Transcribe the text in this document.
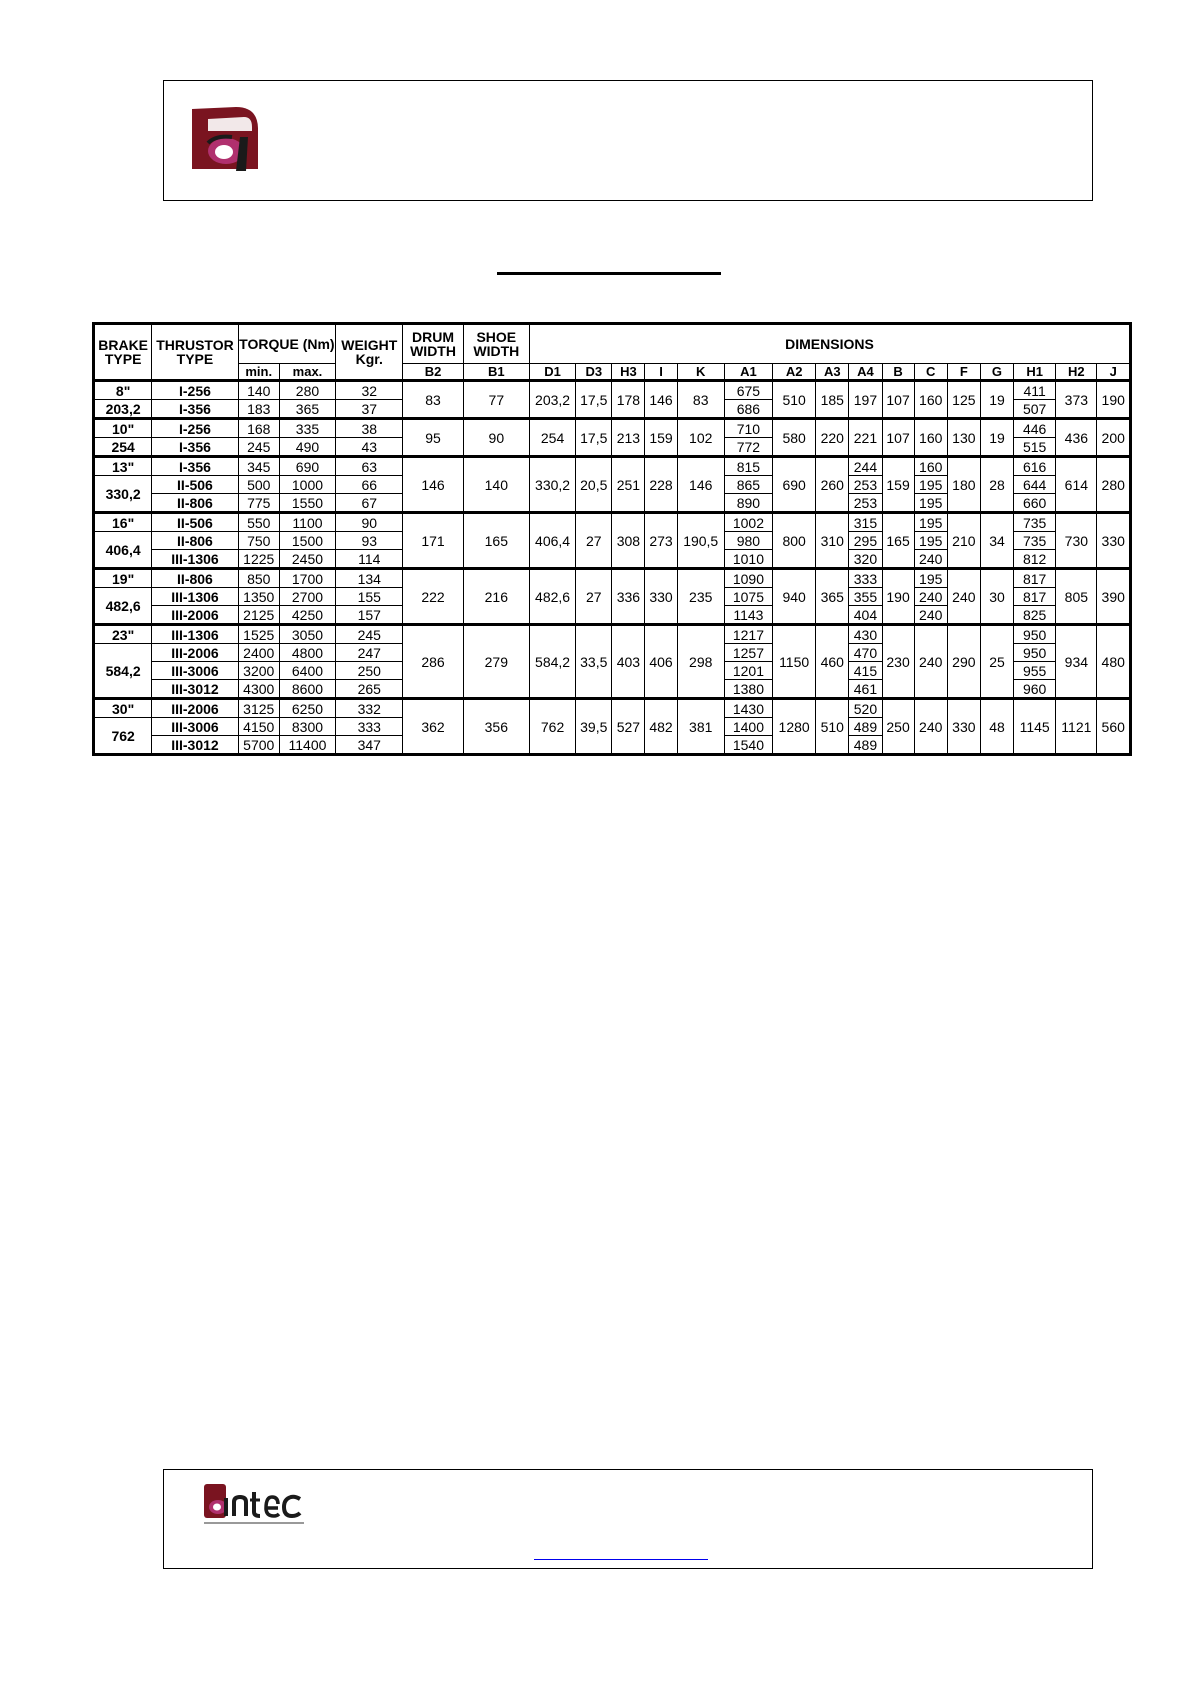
BRAKE TYPE	THRUSTOR TYPE	TORQUE (Nm)		WEIGHT Kgr.	DRUM WIDTH	SHOE WIDTH	DIMENSIONS															
		min.	max.		B2	B1	D1	D3	H3	I	K	A1	A2	A3	A4	B	C	F	G	H1	H2	J
8"	I-256	140	280	32	83	77	203,2	17,5	178	146	83	675	510	185	197	107	160	125	19	411	373	190
203,2	I-356	183	365	37								686								507		
10"	I-256	168	335	38	95	90	254	17,5	213	159	102	710	580	220	221	107	160	130	19	446	436	200
254	I-356	245	490	43								772								515		
13"	I-356	345	690	63	146	140	330,2	20,5	251	228	146	815	690	260	244	159	160	180	28	616	614	280
330,2	II-506	500	1000	66								865			253		195			644		
	II-806	775	1550	67								890			253		195			660		
16"	II-506	550	1100	90	171	165	406,4	27	308	273	190,5	1002	800	310	315	165	195	210	34	735	730	330
406,4	II-806	750	1500	93								980			295		195			735		
	III-1306	1225	2450	114								1010			320		240			812		
19"	II-806	850	1700	134	222	216	482,6	27	336	330	235	1090	940	365	333	190	195	240	30	817	805	390
482,6	III-1306	1350	2700	155								1075			355		240			817		
	III-2006	2125	4250	157								1143			404		240			825		
23"	III-1306	1525	3050	245	286	279	584,2	33,5	403	406	298	1217	1150	460	430	230	240	290	25	950	934	480
584,2	III-2006	2400	4800	247								1257			470					950		
	III-3006	3200	6400	250								1201			415					955		
	III-3012	4300	8600	265								1380			461					960		
30"	III-2006	3125	6250	332	362	356	762	39,5	527	482	381	1430	1280	510	520	250	240	330	48	1145	1121	560
762	III-3006	4150	8300	333								1400			489							
	III-3012	5700	11400	347								1540			489							
